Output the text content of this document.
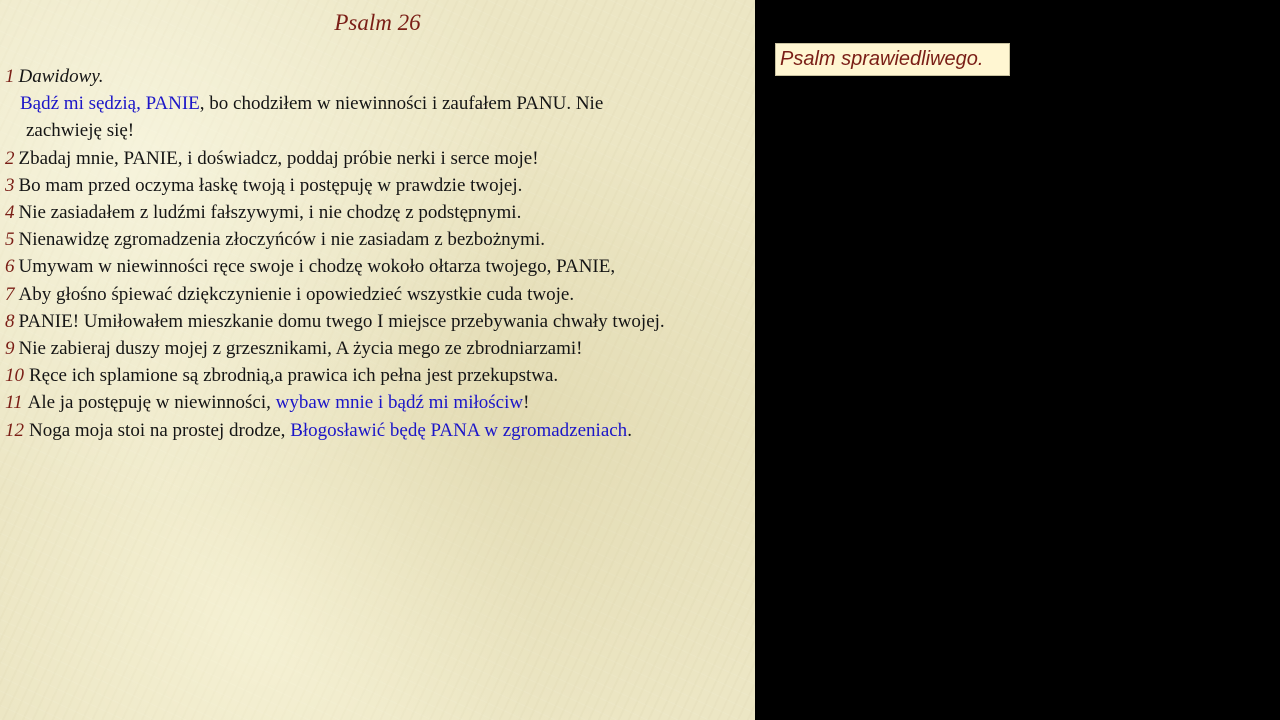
Psalm 26
1 Dawidowy.
Bądź mi sędzią, PANIE, bo chodziłem w niewinności i zaufałem PANU. Nie
zachwieję się!
2 Zbadaj mnie, PANIE, i doświadcz, poddaj próbie nerki i serce moje!
3 Bo mam przed oczyma łaskę twoją i postępuję w prawdzie twojej.
4 Nie zasiadałem z ludźmi fałszywymi, i nie chodzę z podstępnymi.
5 Nienawidzę zgromadzenia złoczyńców i nie zasiadam z bezbożnymi.
6 Umywam w niewinności ręce swoje i chodzę wokoło ołtarza twojego, PANIE,
7 Aby głośno śpiewać dziękczynienie i opowiedzieć wszystkie cuda twoje.
8 PANIE! Umiłowałem mieszkanie domu twego I miejsce przebywania chwały twojej.
9 Nie zabieraj duszy mojej z grzesznikami, A życia mego ze zbrodniarzami!
10 Ręce ich splamione są zbrodnią,a prawica ich pełna jest przekupstwa.
11 Ale ja postępuję w niewinności, wybaw mnie i bądź mi miłościw!
12 Noga moja stoi na prostej drodze, Błogosławić będę PANA w zgromadzeniach.
Psalm sprawiedliwego.
